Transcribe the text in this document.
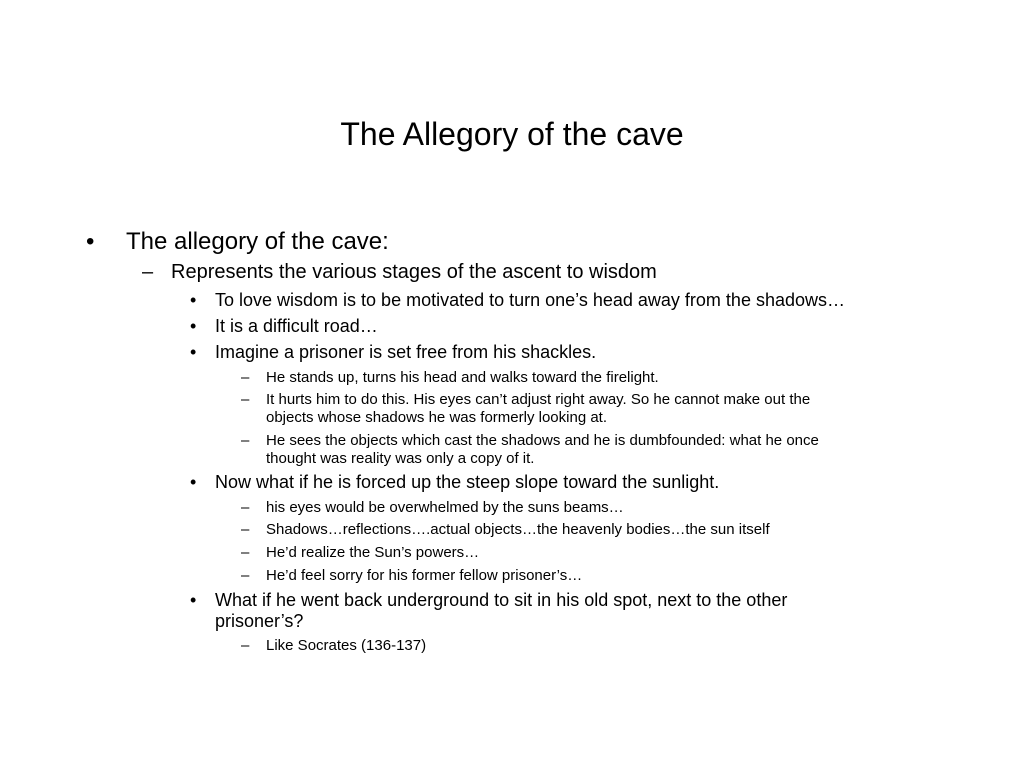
The Allegory of the cave
• The allegory of the cave:
– Represents the various stages of the ascent to wisdom
• To love wisdom is to be motivated to turn one’s head away from the shadows…
• It is a difficult road…
• Imagine a prisoner is set free from his shackles.
– He stands up, turns his head and walks toward the firelight.
– It hurts him to do this. His eyes can’t adjust right away. So he cannot make out the
objects whose shadows he was formerly looking at.
– He sees the objects which cast the shadows and he is dumbfounded: what he once
thought was reality was only a copy of it.
• Now what if he is forced up the steep slope toward the sunlight.
– his eyes would be overwhelmed by the suns beams…
– Shadows…reflections….actual objects…the heavenly bodies…the sun itself
– He’d realize the Sun’s powers…
– He’d feel sorry for his former fellow prisoner’s…
• What if he went back underground to sit in his old spot, next to the other
prisoner’s?
– Like Socrates (136-137)
